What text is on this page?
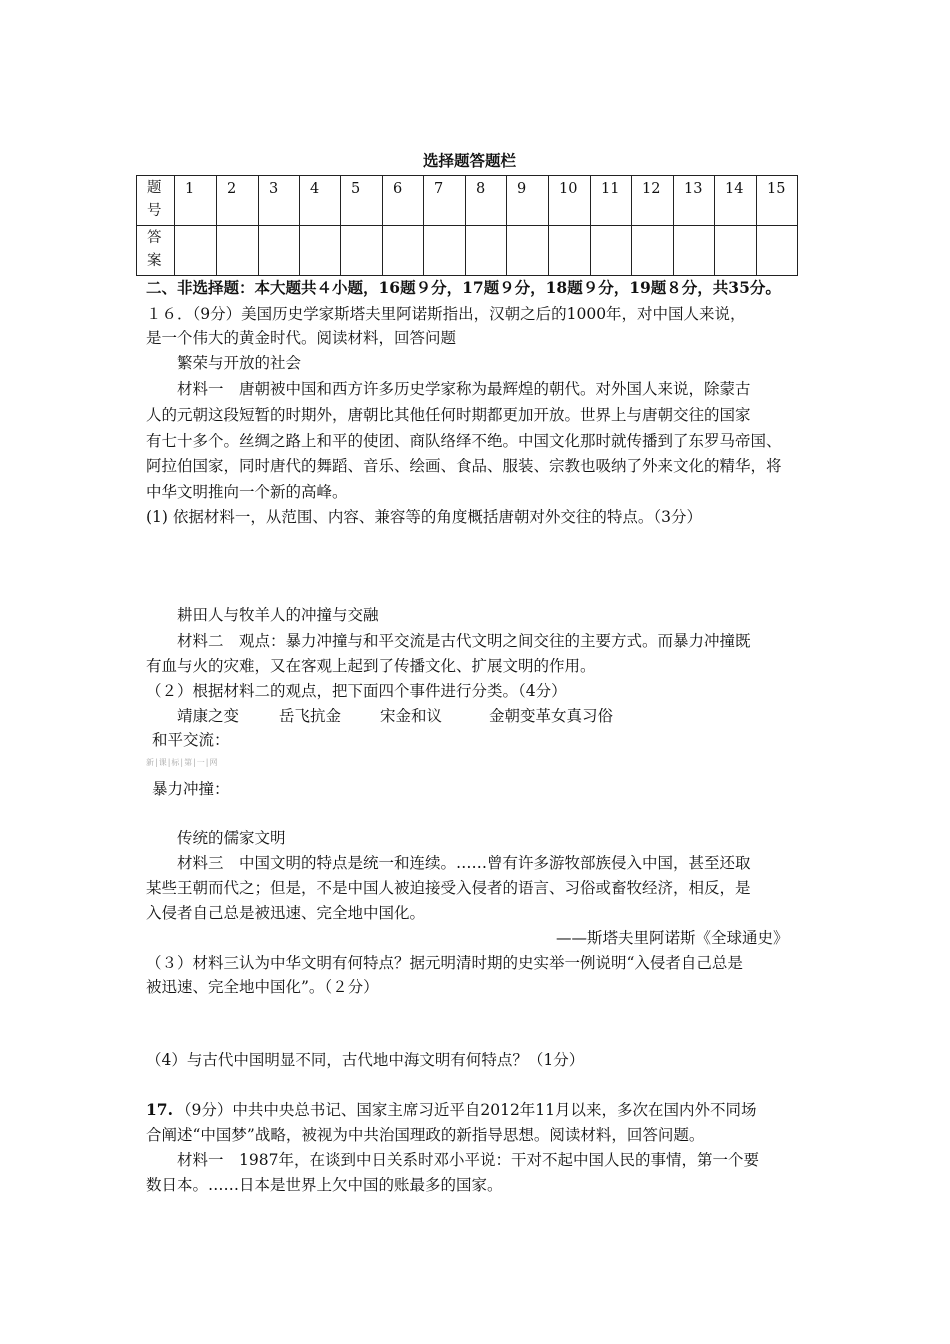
选择题答题栏
题号	1	2	3	4	5	6	7	8	9	10	11	12	13	14	15
答案															
二、非选择题：本大题共４小题，16题９分，17题９分，18题９分，19题８分，共35分。
１６．（9分）美国历史学家斯塔夫里阿诺斯指出，汉朝之后的1000年，对中国人来说，
是一个伟大的黄金时代。阅读材料，回答问题
繁荣与开放的社会
材料一　唐朝被中国和西方许多历史学家称为最辉煌的朝代。对外国人来说，除蒙古
人的元朝这段短暂的时期外，唐朝比其他任何时期都更加开放。世界上与唐朝交往的国家
有七十多个。丝绸之路上和平的使团、商队络绎不绝。中国文化那时就传播到了东罗马帝国、
阿拉伯国家，同时唐代的舞蹈、音乐、绘画、食品、服装、宗教也吸纳了外来文化的精华，将
中华文明推向一个新的高峰。
(1) 依据材料一，从范围、内容、兼容等的角度概括唐朝对外交往的特点。（3分）
耕田人与牧羊人的冲撞与交融
材料二　观点：暴力冲撞与和平交流是古代文明之间交往的主要方式。而暴力冲撞既
有血与火的灾难，又在客观上起到了传播文化、扩展文明的作用。
（２）根据材料二的观点，把下面四个事件进行分类。（4分）
靖康之变	岳飞抗金	宋金和议	金朝变革女真习俗
和平交流：
新|课|标|第|一|网
暴力冲撞：
传统的儒家文明
材料三　中国文明的特点是统一和连续。……曾有许多游牧部族侵入中国，甚至还取
某些王朝而代之；但是，不是中国人被迫接受入侵者的语言、习俗或畜牧经济，相反，是
入侵者自己总是被迅速、完全地中国化。
——斯塔夫里阿诺斯《全球通史》
（３）材料三认为中华文明有何特点？据元明清时期的史实举一例说明“入侵者自己总是
被迅速、完全地中国化”。（２分）
（4）与古代中国明显不同，古代地中海文明有何特点？（1分）
17. （9分）中共中央总书记、国家主席习近平自2012年11月以来，多次在国内外不同场
合阐述“中国梦”战略，被视为中共治国理政的新指导思想。阅读材料，回答问题。
材料一　1987年，在谈到中日关系时邓小平说：干对不起中国人民的事情，第一个要
数日本。……日本是世界上欠中国的账最多的国家。
